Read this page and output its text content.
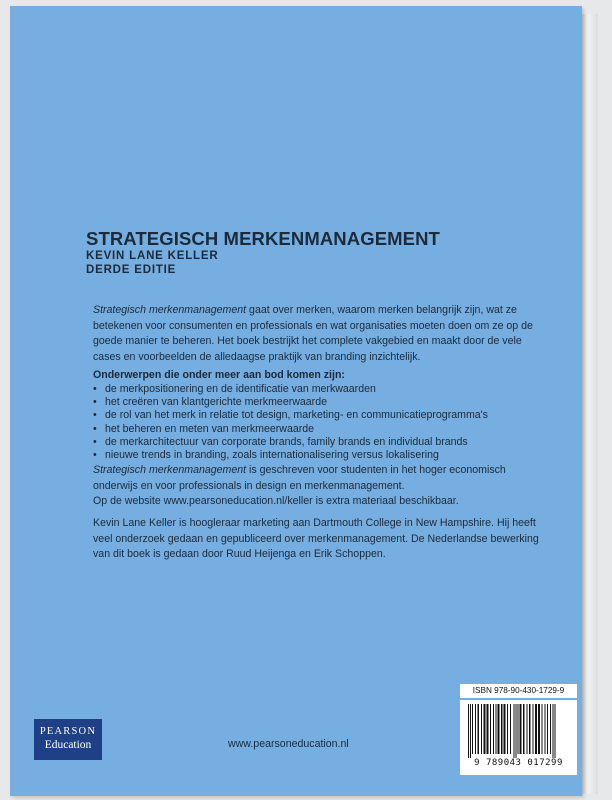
STRATEGISCH MERKENMANAGEMENT
KEVIN LANE KELLER
DERDE EDITIE
Strategisch merkenmanagement gaat over merken, waarom merken belangrijk zijn, wat ze betekenen voor consumenten en professionals en wat organisaties moeten doen om ze op de goede manier te beheren. Het boek bestrijkt het complete vakgebied en maakt door de vele cases en voorbeelden de alledaagse praktijk van branding inzichtelijk.
Onderwerpen die onder meer aan bod komen zijn:
• de merkpositionering en de identificatie van merkwaarden
• het creëren van klantgerichte merkmeerwaarde
• de rol van het merk in relatie tot design, marketing- en communicatieprogramma's
• het beheren en meten van merkmeerwaarde
• de merkarchitectuur van corporate brands, family brands en individual brands
• nieuwe trends in branding, zoals internationalisering versus lokalisering
Strategisch merkenmanagement is geschreven voor studenten in het hoger economisch onderwijs en voor professionals in design en merkenmanagement.
Op de website www.pearsoneducation.nl/keller is extra materiaal beschikbaar.
Kevin Lane Keller is hoogleraar marketing aan Dartmouth College in New Hampshire. Hij heeft veel onderzoek gedaan en gepubliceerd over merkenmanagement. De Nederlandse bewerking van dit boek is gedaan door Ruud Heijenga en Erik Schoppen.
ISBN 978-90-430-1729-9
9 789043 017299
PEARSON
Education	www.pearsoneducation.nl
